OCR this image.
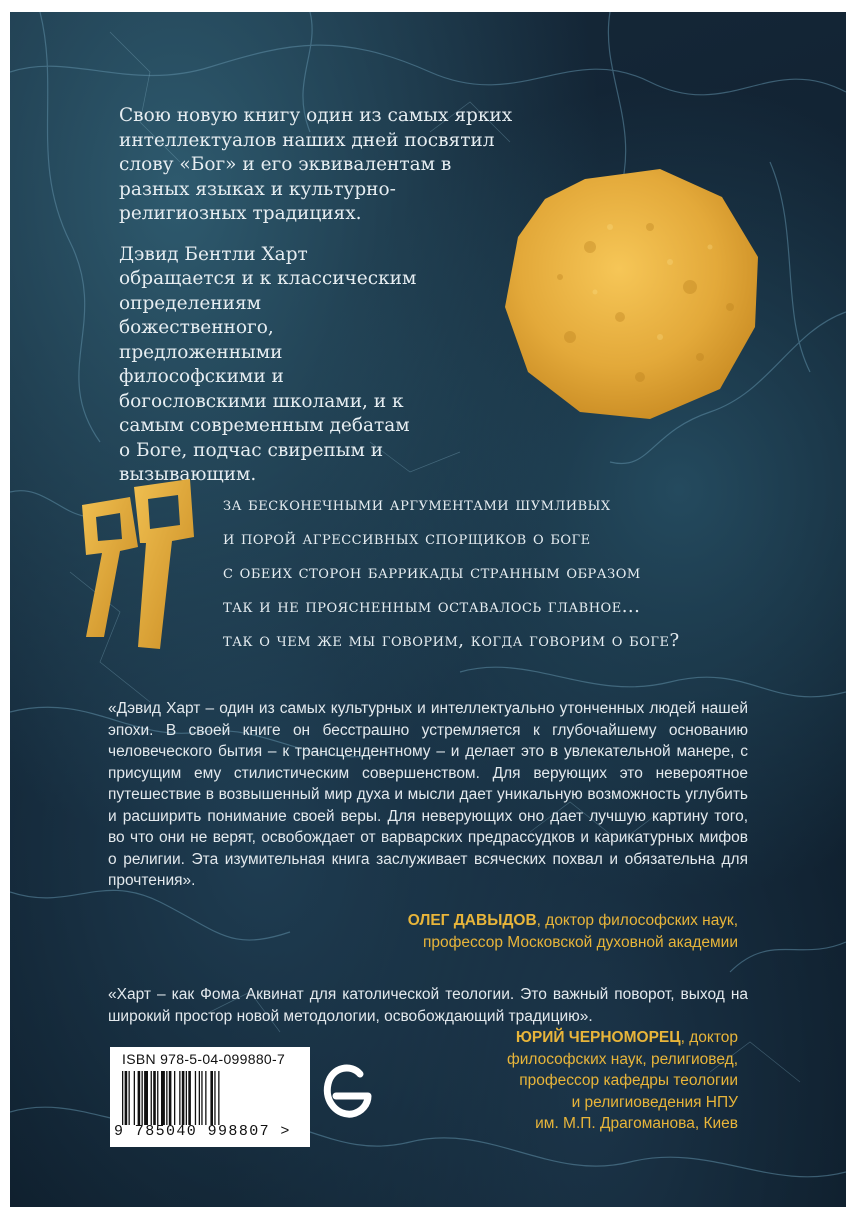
Свою новую книгу один из самых ярких интеллектуалов наших дней посвятил слову «Бог» и его эквивалентам в разных языках и культурно-религиозных традициях.

Дэвид Бентли Харт обращается и к классическим определениям божественного, предложенными философскими и богословскими школами, и к самым современным дебатам о Боге, подчас свирепым и вызывающим.

за бесконечными аргументами шумливых
и порой агрессивных спорщиков о боге
с обеих сторон баррикады странным образом
так и не проясненным оставалось главное...
так о чем же мы говорим, когда говорим о боге?
«Дэвид Харт – один из самых культурных и интеллектуально утонченных людей нашей эпохи. В своей книге он бесстрашно устремляется к глубочайшему основанию человеческого бытия – к трансцендентному – и делает это в увлекательной манере, с присущим ему стилистическим совершенством. Для верующих это невероятное путешествие в возвышенный мир духа и мысли дает уникальную возможность углубить и расширить понимание своей веры. Для неверующих оно дает лучшую картину того, во что они не верят, освобождает от варварских предрассудков и карикатурных мифов о религии. Эта изумительная книга заслуживает всяческих похвал и обязательна для прочтения».
ОЛЕГ ДАВЫДОВ, доктор философских наук,
профессор Московской духовной академии
«Харт – как Фома Аквинат для католической теологии. Это важный поворот, выход на широкий простор новой методологии, освобождающий традицию».
ЮРИЙ ЧЕРНОМОРЕЦ, доктор
философских наук, религиовед,
профессор кафедры теологии
и религиоведения НПУ
им. М.П. Драгоманова, Киев
ISBN 978-5-04-099880-7
9 785040 998807 >
